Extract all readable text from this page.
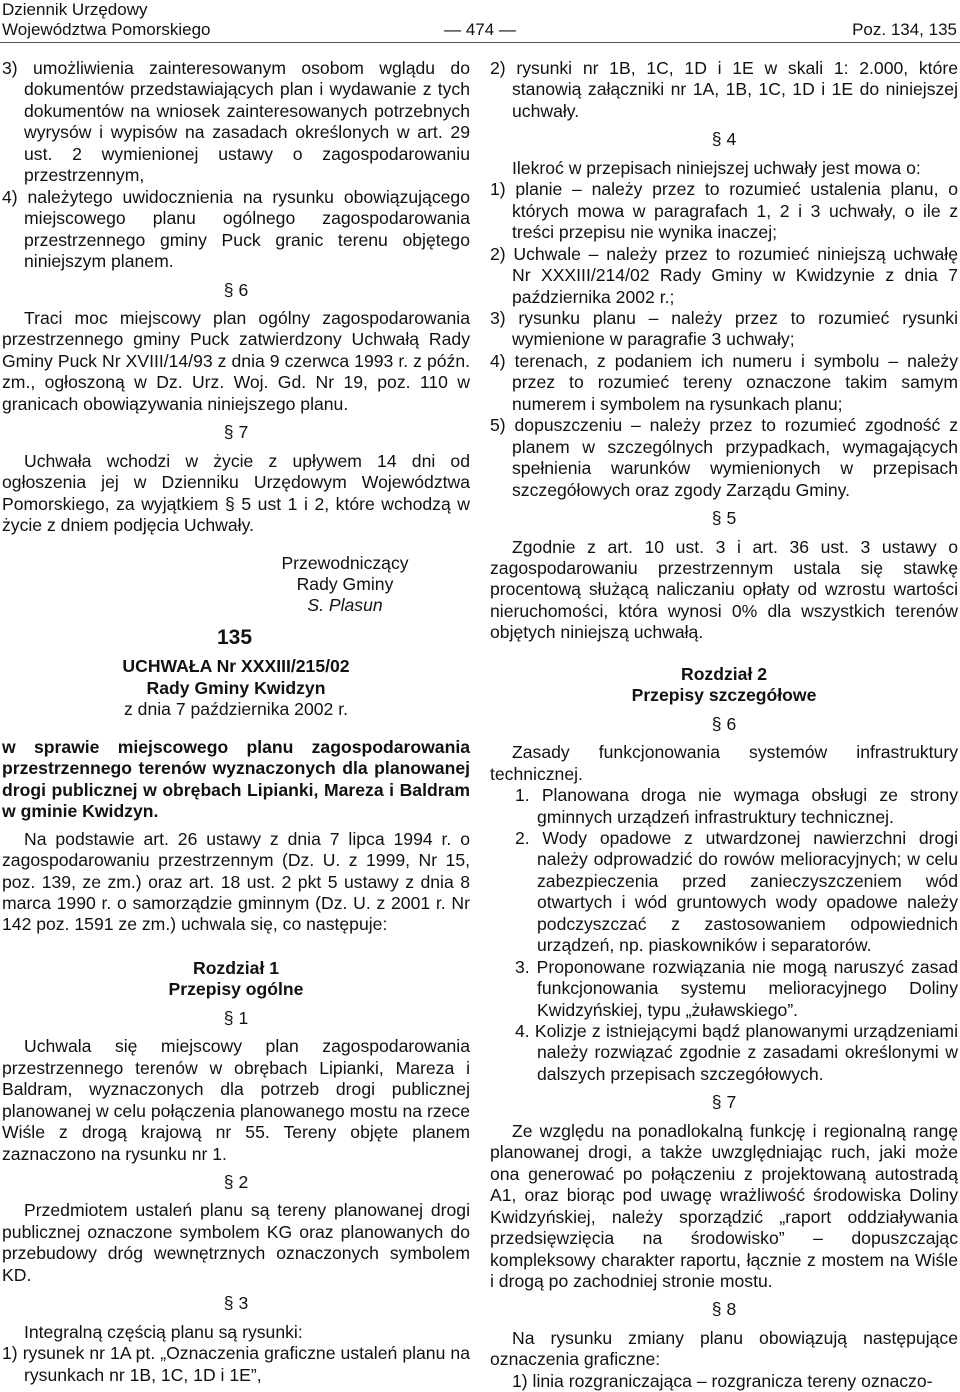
Dziennik Urzędowy
Województwa Pomorskiego	— 474 —	Poz. 134, 135

3) umożliwienia zainteresowanym osobom wglądu do dokumentów przedstawiających plan i wydawanie z tych dokumentów na wniosek zainteresowanych potrzebnych wyrysów i wypisów na zasadach określonych w art. 29 ust. 2 wymienionej ustawy o zagospodarowaniu przestrzennym,

4) należytego uwidocznienia na rysunku obowiązującego miejscowego planu ogólnego zagospodarowania przestrzennego gminy Puck granic terenu objętego niniejszym planem.

§ 6

Traci moc miejscowy plan ogólny zagospodarowania przestrzennego gminy Puck zatwierdzony Uchwałą Rady Gminy Puck Nr XVIII/14/93 z dnia 9 czerwca 1993 r. z późn. zm., ogłoszoną w Dz. Urz. Woj. Gd. Nr 19, poz. 110 w granicach obowiązywania niniejszego planu.

§ 7

Uchwała wchodzi w życie z upływem 14 dni od ogłoszenia jej w Dzienniku Urzędowym Województwa Pomorskiego, za wyjątkiem § 5 ust 1 i 2, które wchodzą w życie z dniem podjęcia Uchwały.

Przewodniczący
Rady Gminy
S. Plasun
135
UCHWAŁA Nr XXXIII/215/02
Rady Gminy Kwidzyn
z dnia 7 października 2002 r.

w sprawie miejscowego planu zagospodarowania przestrzennego terenów wyznaczonych dla planowanej drogi publicznej w obrębach Lipianki, Mareza i Baldram w gminie Kwidzyn.

Na podstawie art. 26 ustawy z dnia 7 lipca 1994 r. o zagospodarowaniu przestrzennym (Dz. U. z 1999, Nr 15, poz. 139, ze zm.) oraz art. 18 ust. 2 pkt 5 ustawy z dnia 8 marca 1990 r. o samorządzie gminnym (Dz. U. z 2001 r. Nr 142 poz. 1591 ze zm.) uchwala się, co następuje:

Rozdział 1
Przepisy ogólne
§ 1

Uchwala się miejscowy plan zagospodarowania przestrzennego terenów w obrębach Lipianki, Mareza i Baldram, wyznaczonych dla potrzeb drogi publicznej planowanej w celu połączenia planowanego mostu na rzece Wiśle z drogą krajową nr 55. Tereny objęte planem zaznaczono na rysunku nr 1.

§ 2

Przedmiotem ustaleń planu są tereny planowanej drogi publicznej oznaczone symbolem KG oraz planowanych do przebudowy dróg wewnętrznych oznaczonych symbolem KD.

§ 3

Integralną częścią planu są rysunki:

1) rysunek nr 1A pt. „Oznaczenia graficzne ustaleń planu na rysunkach nr 1B, 1C, 1D i 1E”,

2) rysunki nr 1B, 1C, 1D i 1E w skali 1: 2.000, które stanowią załączniki nr 1A, 1B, 1C, 1D i 1E do niniejszej uchwały.

§ 4

Ilekroć w przepisach niniejszej uchwały jest mowa o:

1) planie – należy przez to rozumieć ustalenia planu, o których mowa w paragrafach 1, 2 i 3 uchwały, o ile z treści przepisu nie wynika inaczej;

2) Uchwale – należy przez to rozumieć niniejszą uchwałę Nr XXXIII/214/02 Rady Gminy w Kwidzynie z dnia 7 października 2002 r.;

3) rysunku planu – należy przez to rozumieć rysunki wymienione w paragrafie 3 uchwały;

4) terenach, z podaniem ich numeru i symbolu – należy przez to rozumieć tereny oznaczone takim samym numerem i symbolem na rysunkach planu;

5) dopuszczeniu – należy przez to rozumieć zgodność z planem w szczególnych przypadkach, wymagających spełnienia warunków wymienionych w przepisach szczegółowych oraz zgody Zarządu Gminy.

§ 5

Zgodnie z art. 10 ust. 3 i art. 36 ust. 3 ustawy o zagospodarowaniu przestrzennym ustala się stawkę procentową służącą naliczaniu opłaty od wzrostu wartości nieruchomości, która wynosi 0% dla wszystkich terenów objętych niniejszą uchwałą.

Rozdział 2
Przepisy szczegółowe
§ 6

Zasady funkcjonowania systemów infrastruktury technicznej.

1. Planowana droga nie wymaga obsługi ze strony gminnych urządzeń infrastruktury technicznej.

2. Wody opadowe z utwardzonej nawierzchni drogi należy odprowadzić do rowów melioracyjnych; w celu zabezpieczenia przed zanieczyszczeniem wód otwartych i wód gruntowych wody opadowe należy podczyszczać z zastosowaniem odpowiednich urządzeń, np. piaskowników i separatorów.

3. Proponowane rozwiązania nie mogą naruszyć zasad funkcjonowania systemu melioracyjnego Doliny Kwidzyńskiej, typu „żuławskiego”.

4. Kolizje z istniejącymi bądź planowanymi urządzeniami należy rozwiązać zgodnie z zasadami określonymi w dalszych przepisach szczegółowych.

§ 7

Ze względu na ponadlokalną funkcję i regionalną rangę planowanej drogi, a także uwzględniając ruch, jaki może ona generować po połączeniu z projektowaną autostradą A1, oraz biorąc pod uwagę wrażliwość środowiska Doliny Kwidzyńskiej, należy sporządzić „raport oddziaływania przedsięwzięcia na środowisko” – dopuszczając kompleksowy charakter raportu, łącznie z mostem na Wiśle i drogą po zachodniej stronie mostu.

§ 8

Na rysunku zmiany planu obowiązują następujące oznaczenia graficzne:

1) linia rozgraniczająca – rozgranicza tereny oznaczo-
